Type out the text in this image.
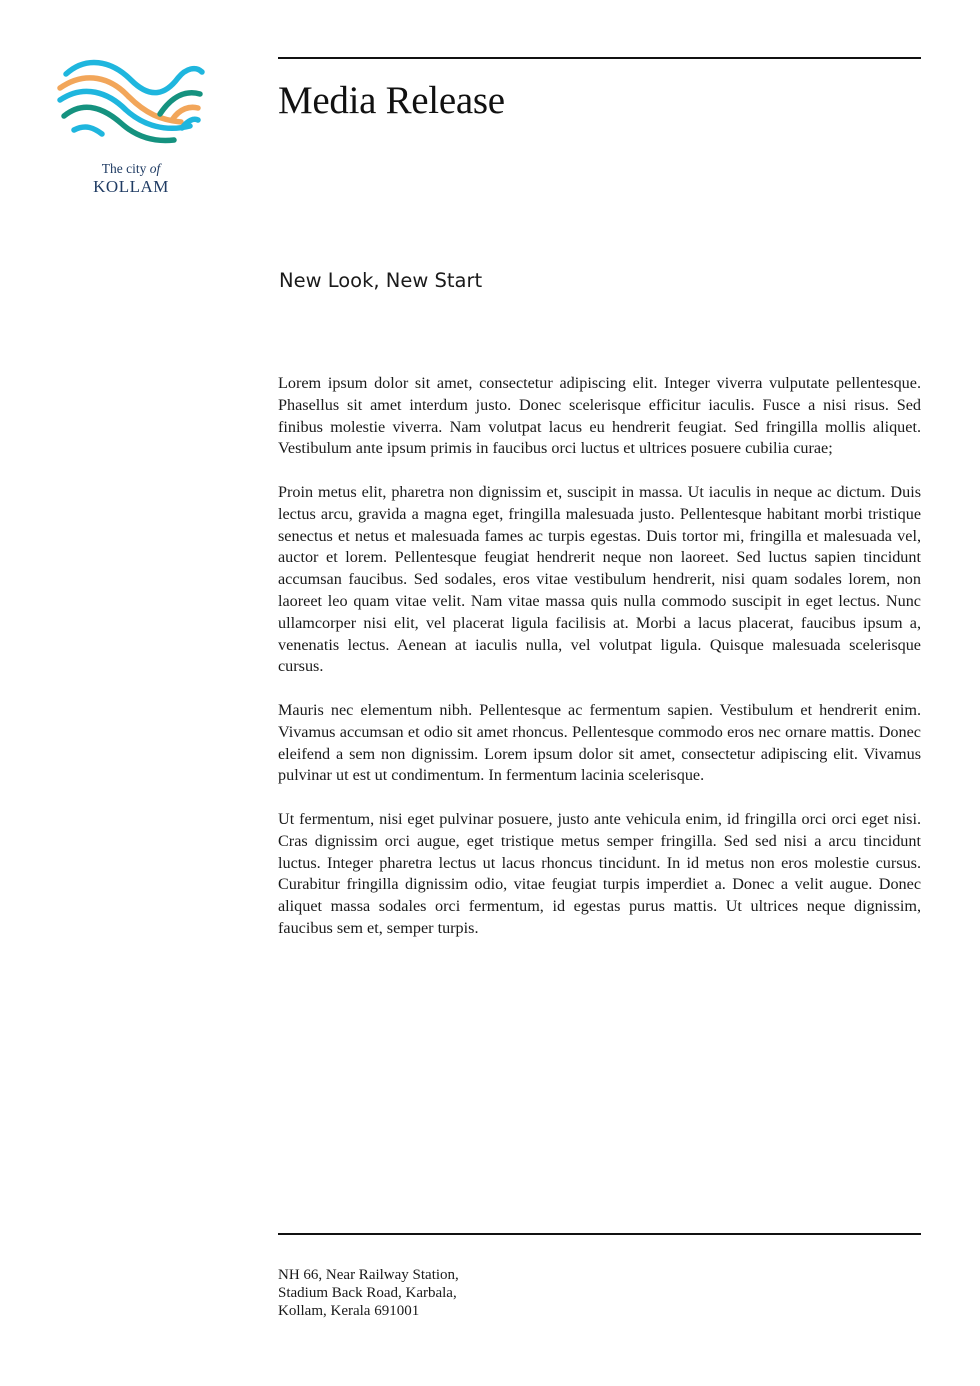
The city of
KOLLAM
Media Release
New Look, New Start

Lorem ipsum dolor sit amet, consectetur adipiscing elit. Integer viverra vulputate pellentesque. Phasellus sit amet interdum justo. Donec scelerisque efficitur iaculis. Fusce a nisi risus. Sed finibus molestie viverra. Nam volutpat lacus eu hendrerit feugiat. Sed fringilla mollis aliquet. Vestibulum ante ipsum primis in faucibus orci luctus et ultrices posuere cubilia curae;

Proin metus elit, pharetra non dignissim et, suscipit in massa. Ut iaculis in neque ac dictum. Duis lectus arcu, gravida a magna eget, fringilla malesuada justo. Pellentesque habitant morbi tristique senectus et netus et malesuada fames ac turpis egestas. Duis tortor mi, fringilla et malesuada vel, auctor et lorem. Pellentesque feugiat hendrerit neque non laoreet. Sed luctus sapien tincidunt accumsan faucibus. Sed sodales, eros vitae vestibulum hendrerit, nisi quam sodales lorem, non laoreet leo quam vitae velit. Nam vitae massa quis nulla commodo suscipit in eget lectus. Nunc ullamcorper nisi elit, vel placerat ligula facilisis at. Morbi a lacus placerat, faucibus ipsum a, venenatis lectus. Aenean at iaculis nulla, vel volutpat ligula. Quisque malesuada scelerisque cursus.

Mauris nec elementum nibh. Pellentesque ac fermentum sapien. Vestibulum et hendrerit enim. Vivamus accumsan et odio sit amet rhoncus. Pellentesque commodo eros nec ornare mattis. Donec eleifend a sem non dignissim. Lorem ipsum dolor sit amet, consectetur adipiscing elit. Vivamus pulvinar ut est ut condimentum. In fermentum lacinia scelerisque.

Ut fermentum, nisi eget pulvinar posuere, justo ante vehicula enim, id fringilla orci orci eget nisi. Cras dignissim orci augue, eget tristique metus semper fringilla. Sed sed nisi a arcu tincidunt luctus. Integer pharetra lectus ut lacus rhoncus tincidunt. In id metus non eros molestie cursus. Curabitur fringilla dignissim odio, vitae feugiat turpis imperdiet a. Donec a velit augue. Donec aliquet massa sodales orci fermentum, id egestas purus mattis. Ut ultrices neque dignissim, faucibus sem et, semper turpis.

NH 66, Near Railway Station,
Stadium Back Road, Karbala,
Kollam, Kerala 691001
